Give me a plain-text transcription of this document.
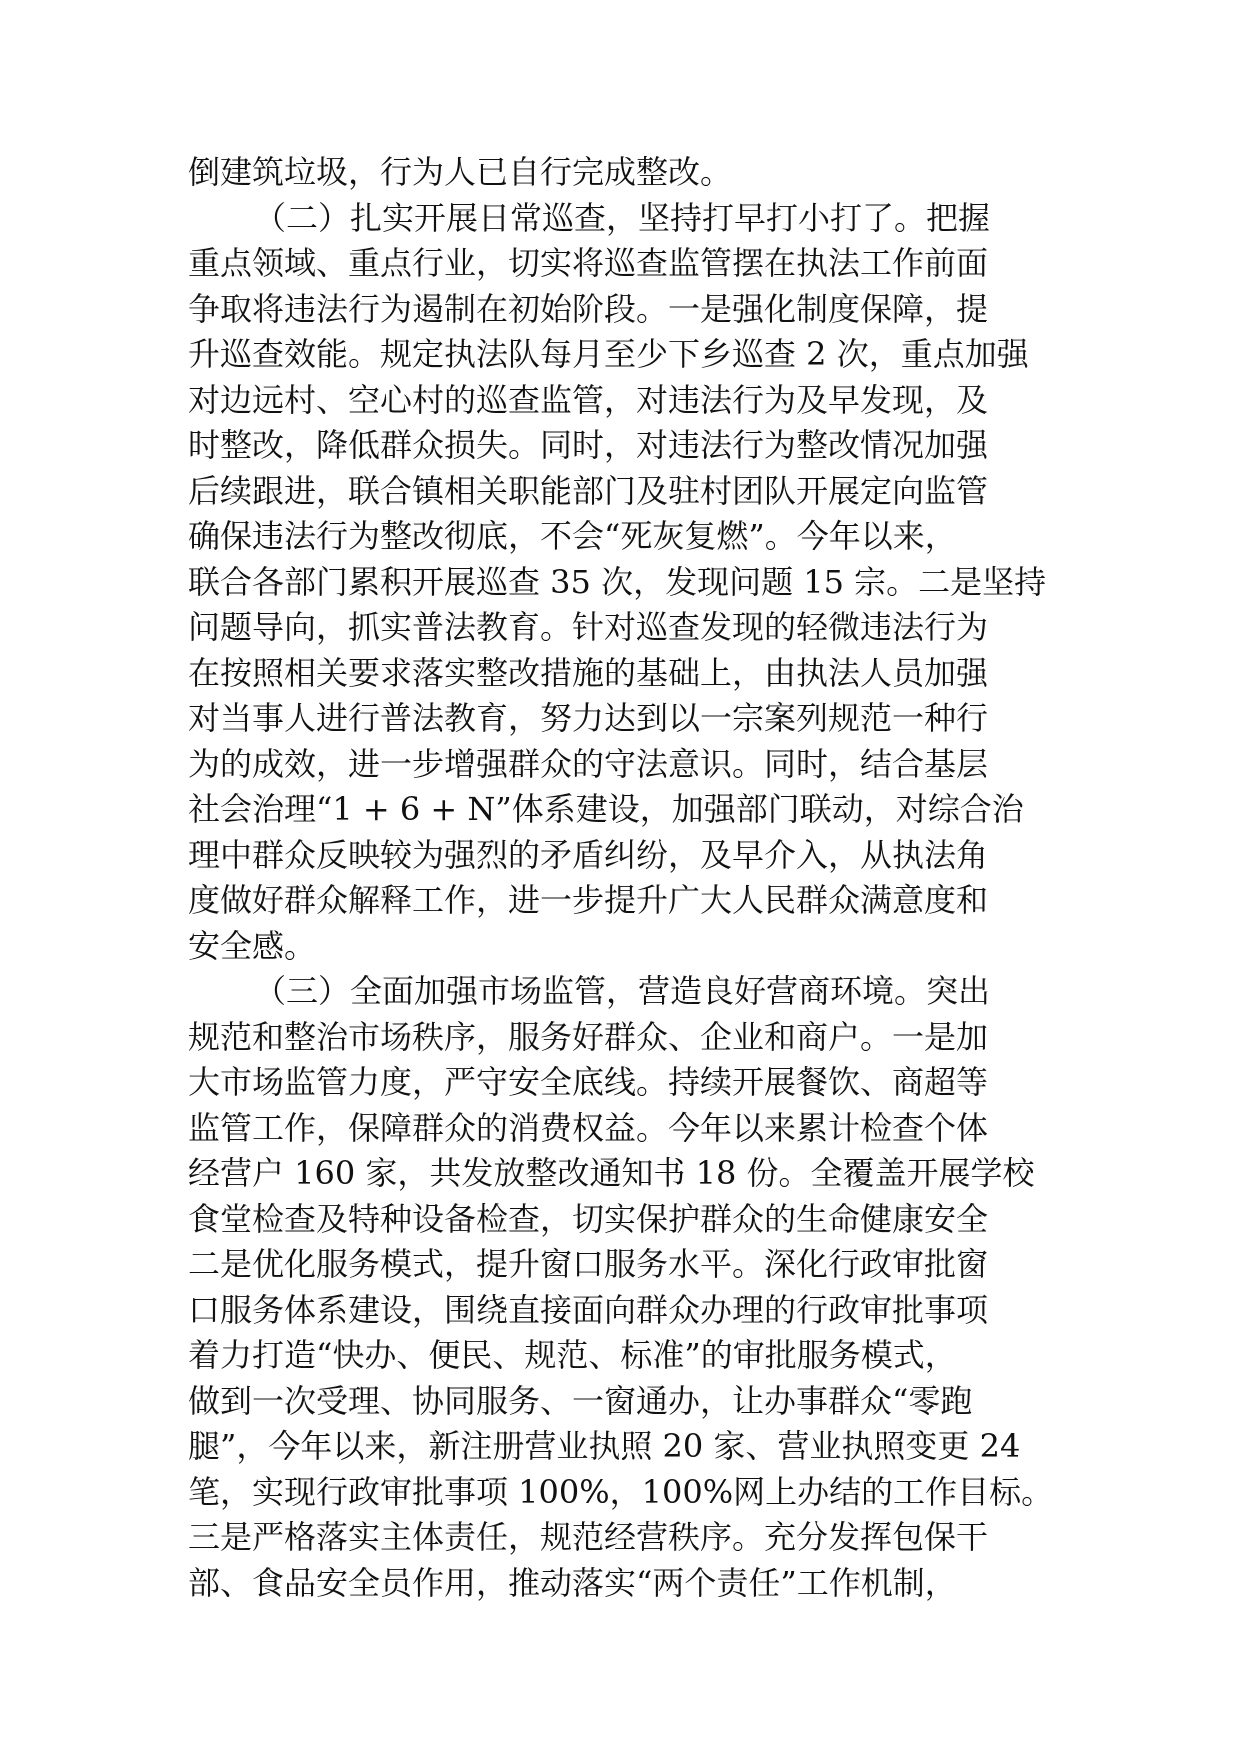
倒建筑垃圾，行为人已自行完成整改。
（二）扎实开展日常巡查，坚持打早打小打了。把握
重点领域、重点行业，切实将巡查监管摆在执法工作前面
争取将违法行为遏制在初始阶段。一是强化制度保障，提
升巡查效能。规定执法队每月至少下乡巡查 2 次，重点加强
对边远村、空心村的巡查监管，对违法行为及早发现，及
时整改，降低群众损失。同时，对违法行为整改情况加强
后续跟进，联合镇相关职能部门及驻村团队开展定向监管
确保违法行为整改彻底，不会“死灰复燃”。今年以来，
联合各部门累积开展巡查 35 次，发现问题 15 宗。二是坚持
问题导向，抓实普法教育。针对巡查发现的轻微违法行为
在按照相关要求落实整改措施的基础上，由执法人员加强
对当事人进行普法教育，努力达到以一宗案列规范一种行
为的成效，进一步增强群众的守法意识。同时，结合基层
社会治理“1 + 6 + N”体系建设，加强部门联动，对综合治
理中群众反映较为强烈的矛盾纠纷，及早介入，从执法角
度做好群众解释工作，进一步提升广大人民群众满意度和
安全感。
（三）全面加强市场监管，营造良好营商环境。突出
规范和整治市场秩序，服务好群众、企业和商户。一是加
大市场监管力度，严守安全底线。持续开展餐饮、商超等
监管工作，保障群众的消费权益。今年以来累计检查个体
经营户 160 家，共发放整改通知书 18 份。全覆盖开展学校
食堂检查及特种设备检查，切实保护群众的生命健康安全
二是优化服务模式，提升窗口服务水平。深化行政审批窗
口服务体系建设，围绕直接面向群众办理的行政审批事项
着力打造“快办、便民、规范、标准”的审批服务模式，
做到一次受理、协同服务、一窗通办，让办事群众“零跑
腿”，今年以来，新注册营业执照 20 家、营业执照变更 24
笔，实现行政审批事项 100%，100%网上办结的工作目标。
三是严格落实主体责任，规范经营秩序。充分发挥包保干
部、食品安全员作用，推动落实“两个责任”工作机制，
